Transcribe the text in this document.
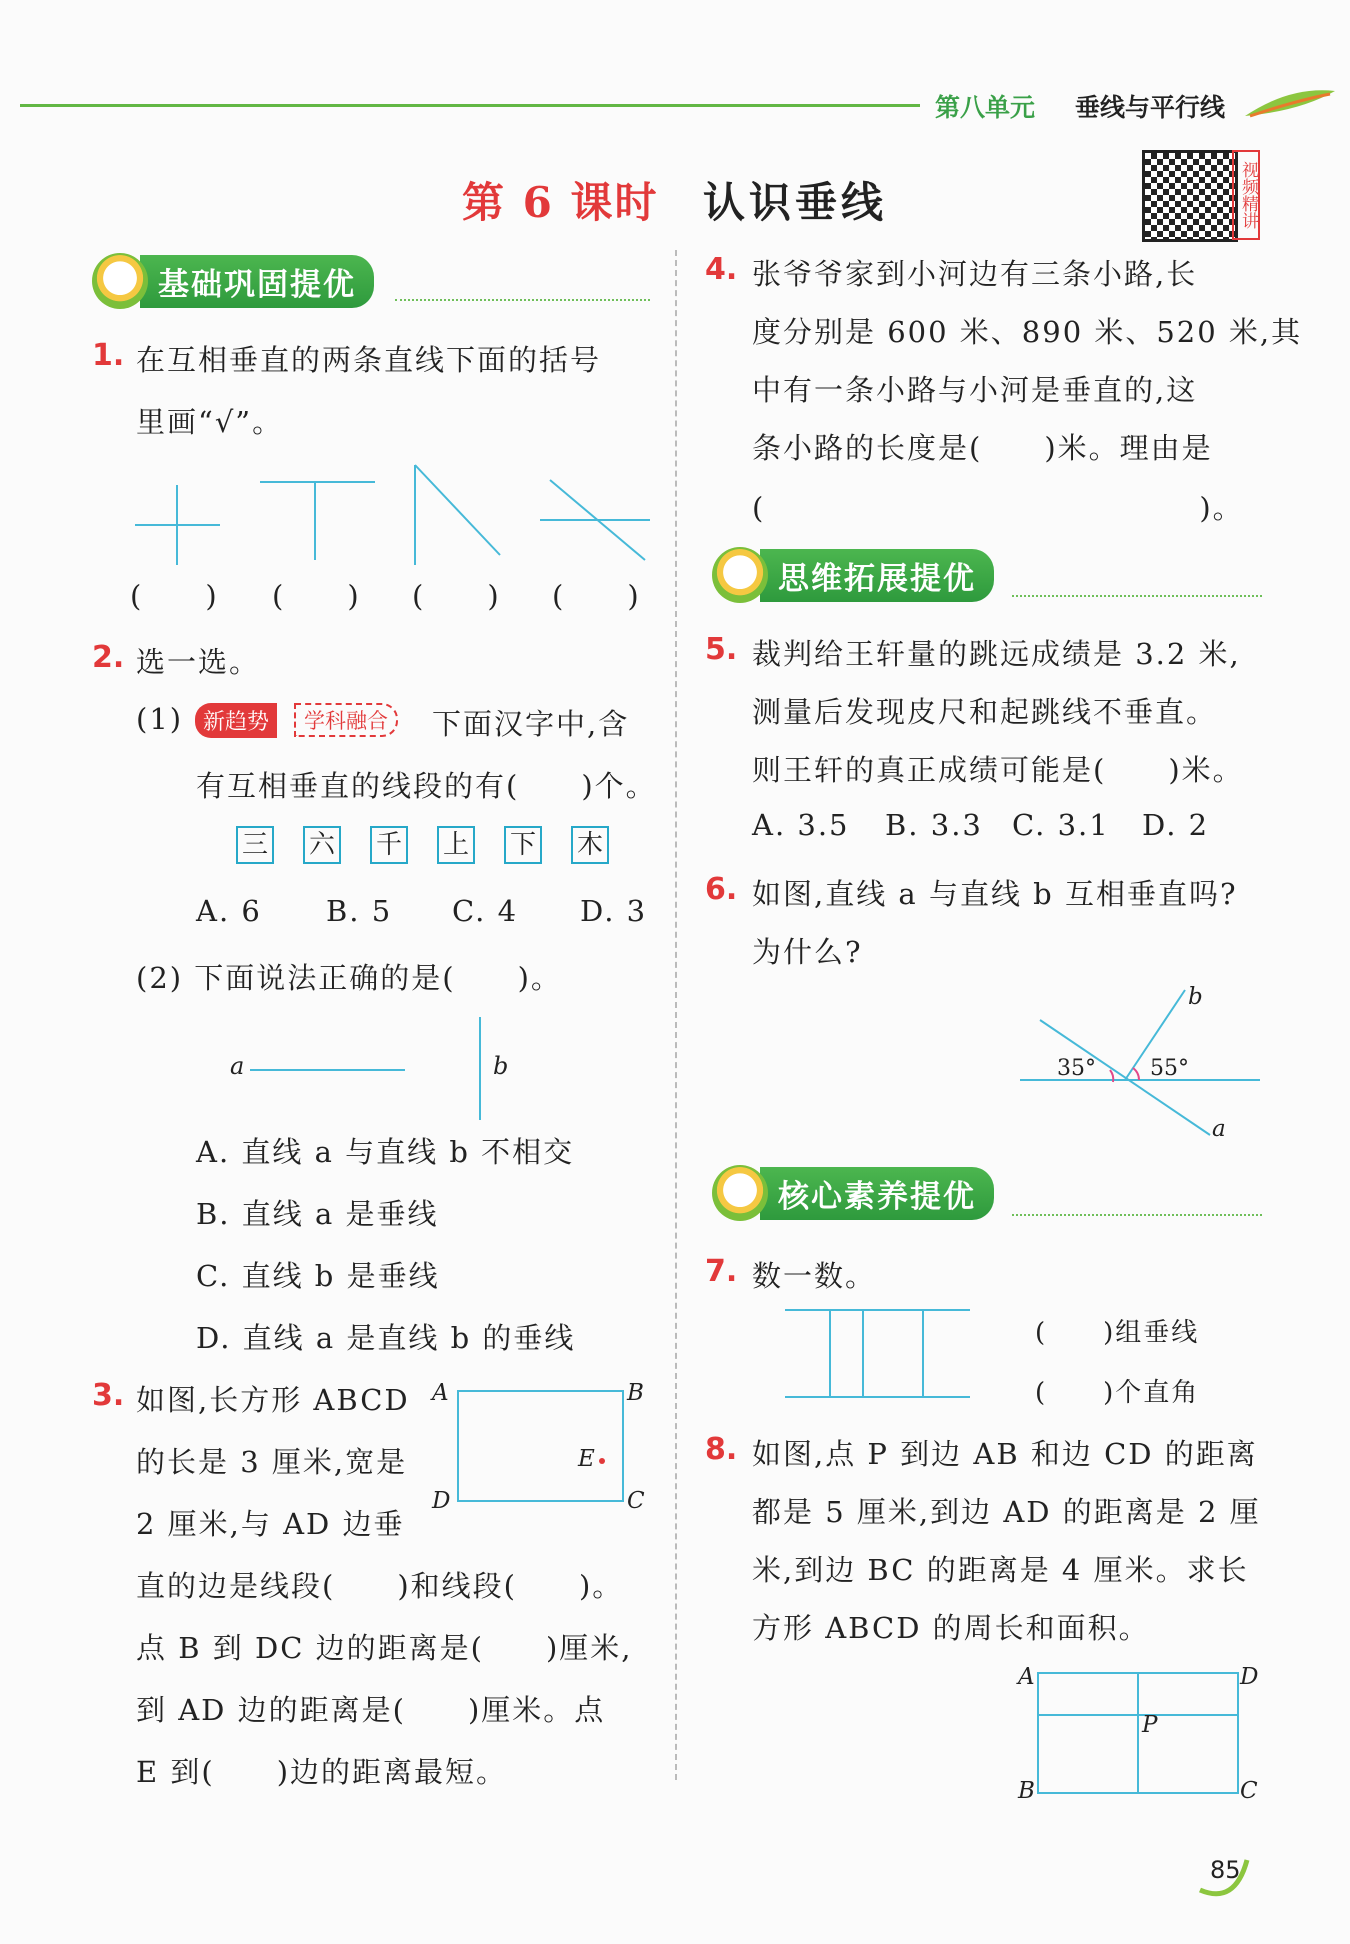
第八单元 垂线与平行线
第 6 课时 认识垂线	视频精讲
基础巩固提优
1. 在互相垂直的两条直线下面的括号
里画“√”。
(　　) (　　) (　　) (　　)
2. 选一选。
(1) 新趋势	学科融合	下面汉字中,含
有互相垂直的线段的有(　　)个。
三 六 千 上 下 木
A. 6 B. 5 C. 4 D. 3
(2) 下面说法正确的是(　　)。
a	b
A. 直线 a 与直线 b 不相交
B. 直线 a 是垂线
C. 直线 b 是垂线
D. 直线 a 是直线 b 的垂线
3. 如图,长方形 ABCD
的长是 3 厘米,宽是
2 厘米,与 AD 边垂
直的边是线段(　　)和线段(　　)。
点 B 到 DC 边的距离是(　　)厘米,
到 AD 边的距离是(　　)厘米。点
E 到(　　)边的距离最短。
A	B
C
D
E
4. 张爷爷家到小河边有三条小路,长
度分别是 600 米、890 米、520 米,其
中有一条小路与小河是垂直的,这
条小路的长度是(　　)米。理由是
(　　　　　　　　　　　　　　)。
思维拓展提优
5. 裁判给王轩量的跳远成绩是 3.2 米,
测量后发现皮尺和起跳线不垂直。
则王轩的真正成绩可能是(　　)米。
A. 3.5 B. 3.3 C. 3.1 D. 2
6. 如图,直线 a 与直线 b 互相垂直吗?
为什么?
35° 55°
b
a
核心素养提优
7. 数一数。
(　　)组垂线
(　　)个直角
8. 如图,点 P 到边 AB 和边 CD 的距离
都是 5 厘米,到边 AD 的距离是 2 厘
米,到边 BC 的距离是 4 厘米。求长
方形 ABCD 的周长和面积。
A	D
B	C
P
85
